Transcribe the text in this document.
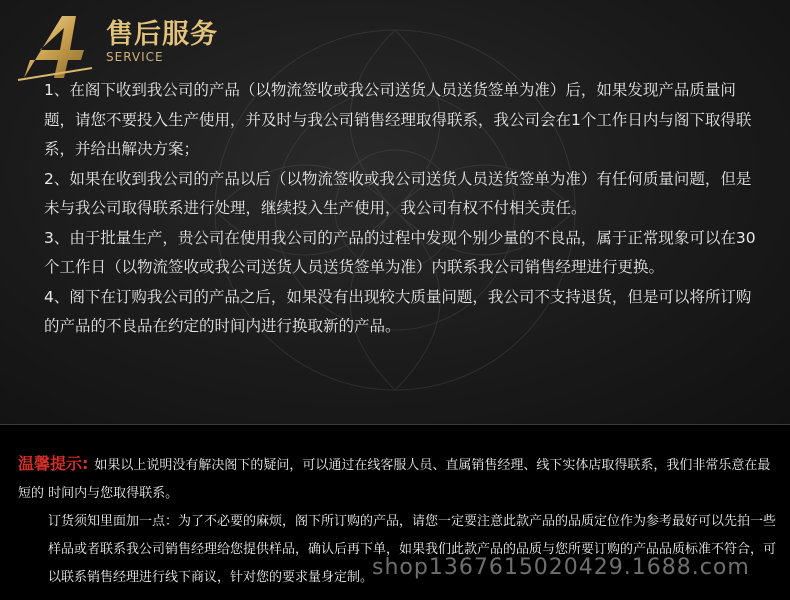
售后服务
SERVICE

1、在阁下收到我公司的产品（以物流签收或我公司送货人员送货签单为准）后，如果发现产品质量问题，请您不要投入生产使用，并及时与我公司销售经理取得联系，我公司会在1个工作日内与阁下取得联系，并给出解决方案；

2、如果在收到我公司的产品以后（以物流签收或我公司送货人员送货签单为准）有任何质量问题，但是未与我公司取得联系进行处理，继续投入生产使用，我公司有权不付相关责任。

3、由于批量生产，贵公司在使用我公司的产品的过程中发现个别少量的不良品，属于正常现象可以在30个工作日（以物流签收或我公司送货人员送货签单为准）内联系我公司销售经理进行更换。

4、阁下在订购我公司的产品之后，如果没有出现较大质量问题，我公司不支持退货，但是可以将所订购的产品的不良品在约定的时间内进行换取新的产品。

温馨提示: 如果以上说明没有解决阁下的疑问，可以通过在线客服人员、直属销售经理、线下实体店取得联系，我们非常乐意在最短的 时间内与您取得联系。

订货须知里面加一点：为了不必要的麻烦，阁下所订购的产品，请您一定要注意此款产品的品质定位作为参考最好可以先拍一些样品或者联系我公司销售经理给您提供样品，确认后再下单，如果我们此款产品的品质与您所要订购的产品品质标准不符合，可以联系销售经理进行线下商议，针对您的要求量身定制。

shop1367615020429.1688.com
